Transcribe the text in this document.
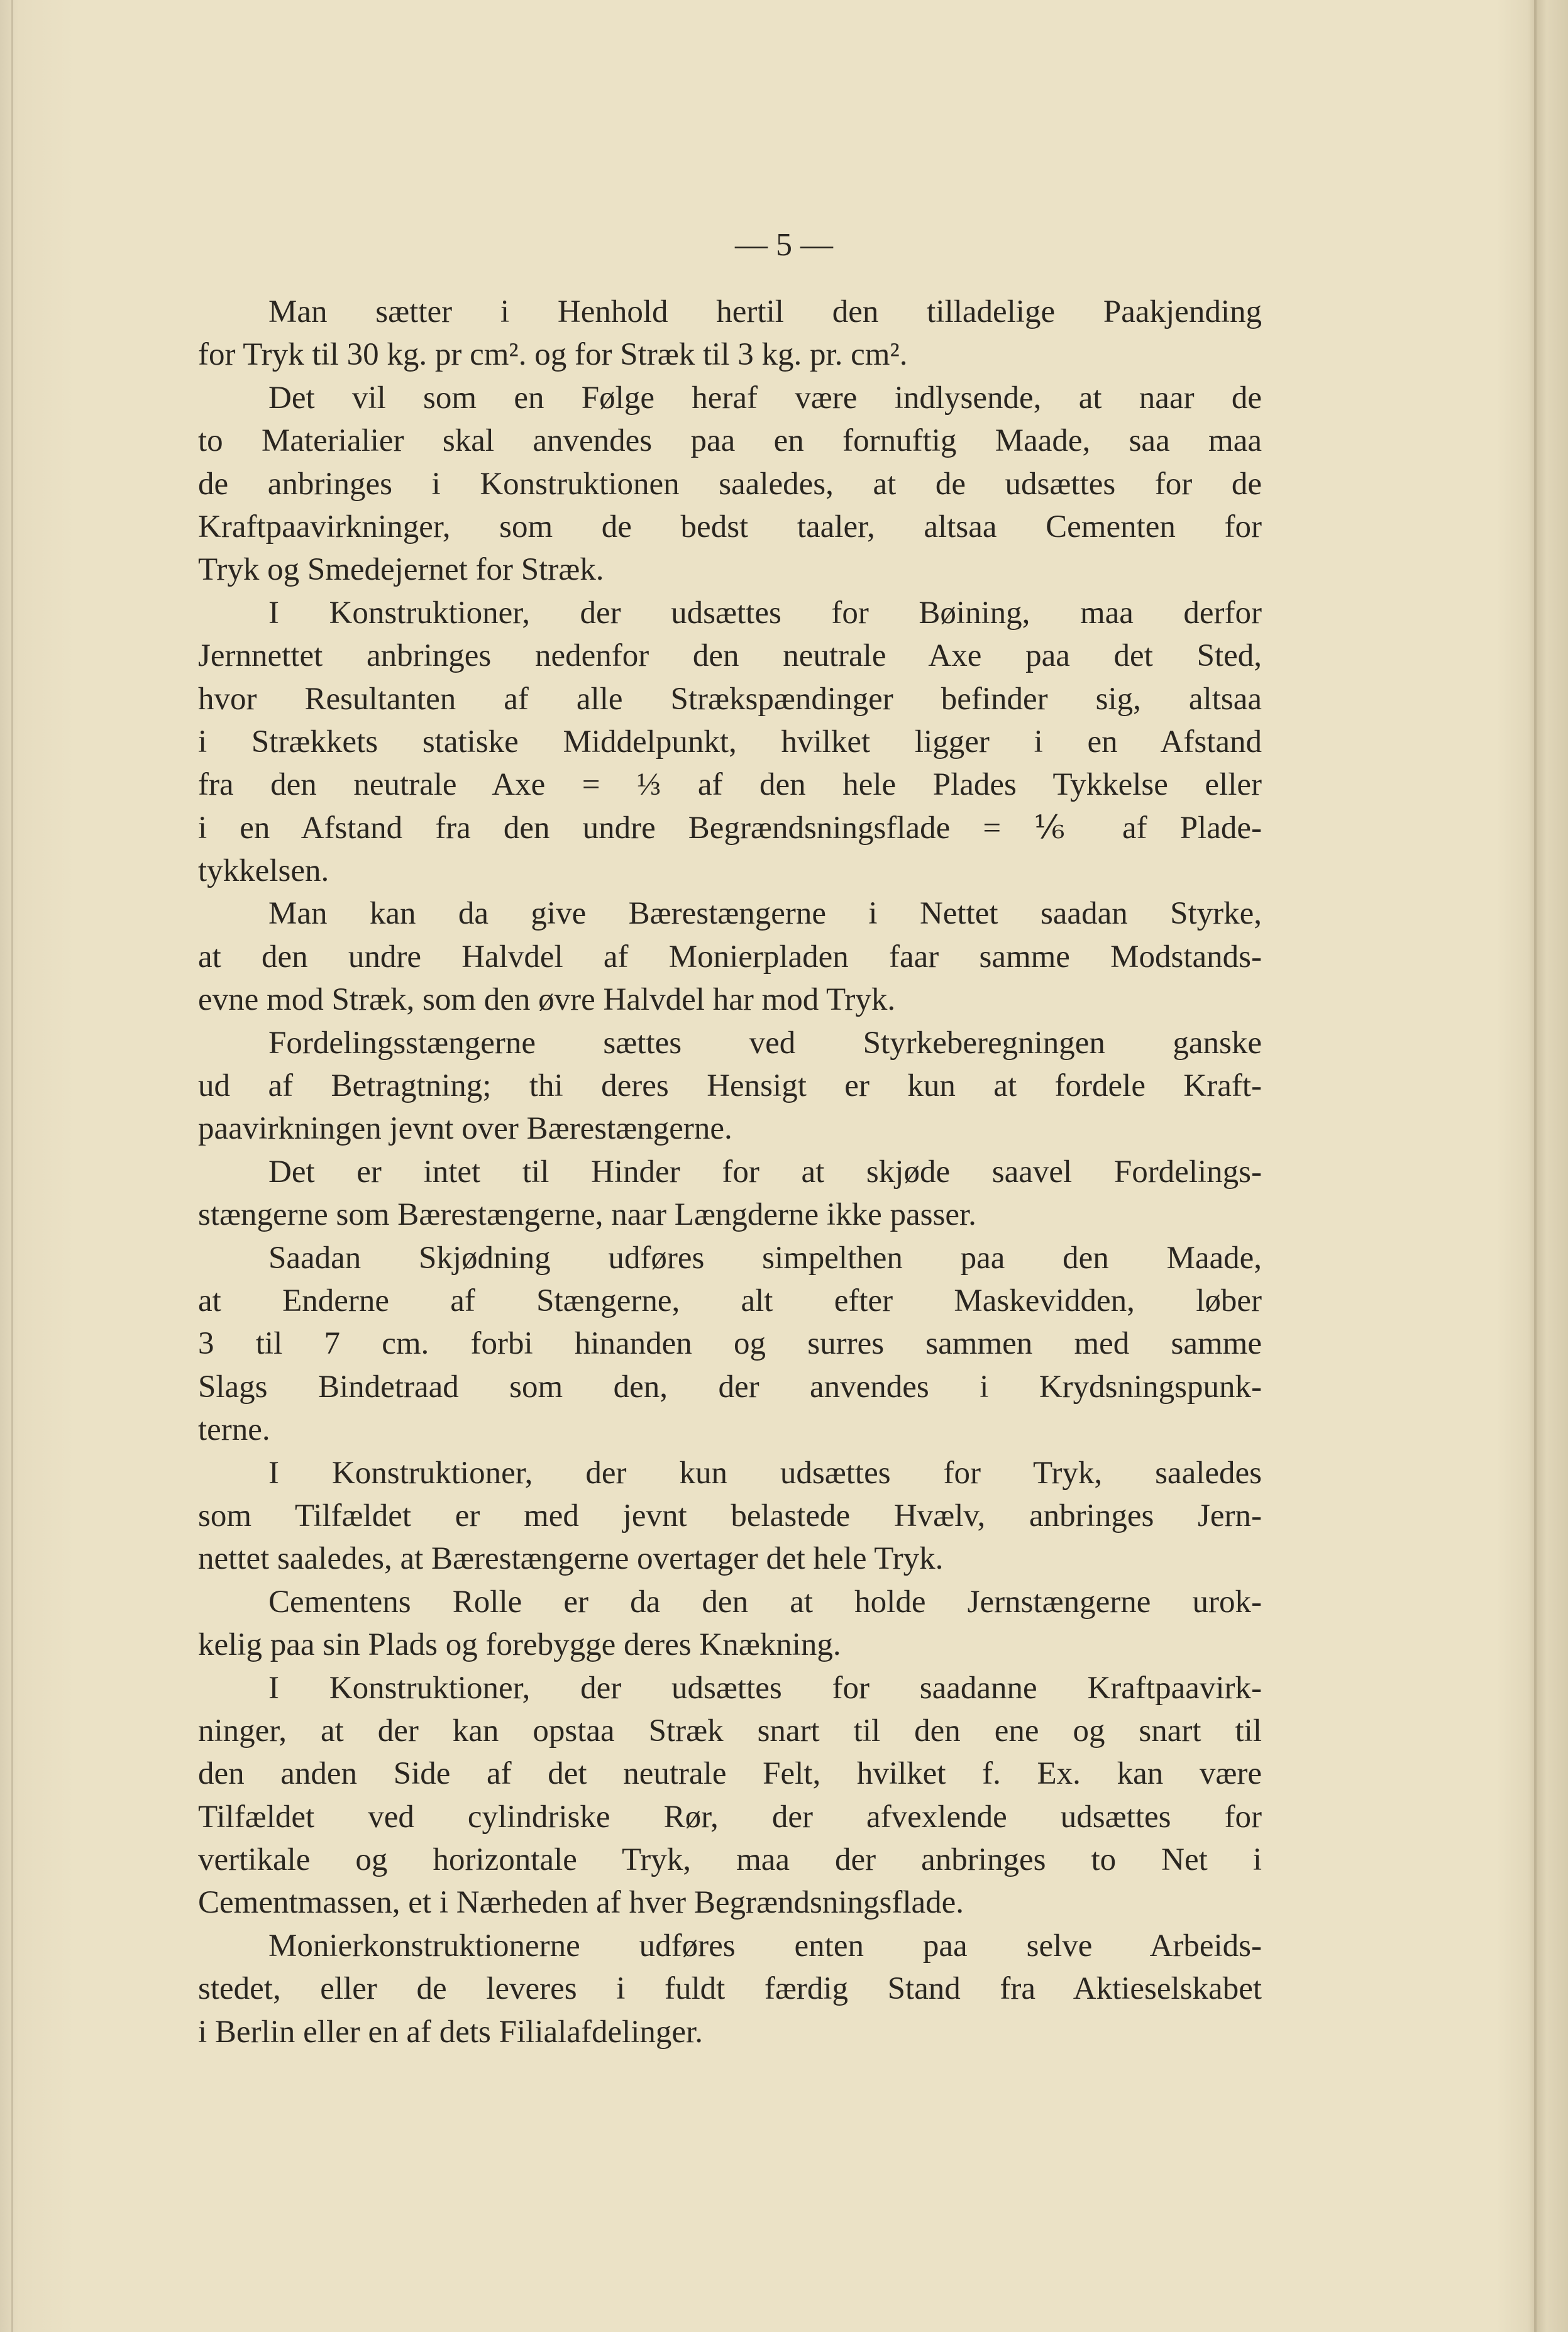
— 5 —
Man sætter i Henhold hertil den tilladelige Paakjending
for Tryk til 30 kg. pr cm². og for Stræk til 3 kg. pr. cm².
Det vil som en Følge heraf være indlysende, at naar de
to Materialier skal anvendes paa en fornuftig Maade, saa maa
de anbringes i Konstruktionen saaledes, at de udsættes for de
Kraftpaavirkninger, som de bedst taaler, altsaa Cementen for
Tryk og Smedejernet for Stræk.
I Konstruktioner, der udsættes for Bøining, maa derfor
Jernnettet anbringes nedenfor den neutrale Axe paa det Sted,
hvor Resultanten af alle Strækspændinger befinder sig, altsaa
i Strækkets statiske Middelpunkt, hvilket ligger i en Afstand
fra den neutrale Axe = ⅓ af den hele Plades Tykkelse eller
i en Afstand fra den undre Begrændsningsflade = ⅙ af Plade-
tykkelsen.
Man kan da give Bærestængerne i Nettet saadan Styrke,
at den undre Halvdel af Monierpladen faar samme Modstands-
evne mod Stræk, som den øvre Halvdel har mod Tryk.
Fordelingsstængerne sættes ved Styrkeberegningen ganske
ud af Betragtning; thi deres Hensigt er kun at fordele Kraft-
paavirkningen jevnt over Bærestængerne.
Det er intet til Hinder for at skjøde saavel Fordelings-
stængerne som Bærestængerne, naar Længderne ikke passer.
Saadan Skjødning udføres simpelthen paa den Maade,
at Enderne af Stængerne, alt efter Maskevidden, løber
3 til 7 cm. forbi hinanden og surres sammen med samme
Slags Bindetraad som den, der anvendes i Krydsningspunk-
terne.
I Konstruktioner, der kun udsættes for Tryk, saaledes
som Tilfældet er med jevnt belastede Hvælv, anbringes Jern-
nettet saaledes, at Bærestængerne overtager det hele Tryk.
Cementens Rolle er da den at holde Jernstængerne urok-
kelig paa sin Plads og forebygge deres Knækning.
I Konstruktioner, der udsættes for saadanne Kraftpaavirk-
ninger, at der kan opstaa Stræk snart til den ene og snart til
den anden Side af det neutrale Felt, hvilket f. Ex. kan være
Tilfældet ved cylindriske Rør, der afvexlende udsættes for
vertikale og horizontale Tryk, maa der anbringes to Net i
Cementmassen, et i Nærheden af hver Begrændsningsflade.
Monierkonstruktionerne udføres enten paa selve Arbeids-
stedet, eller de leveres i fuldt færdig Stand fra Aktieselskabet
i Berlin eller en af dets Filialafdelinger.
